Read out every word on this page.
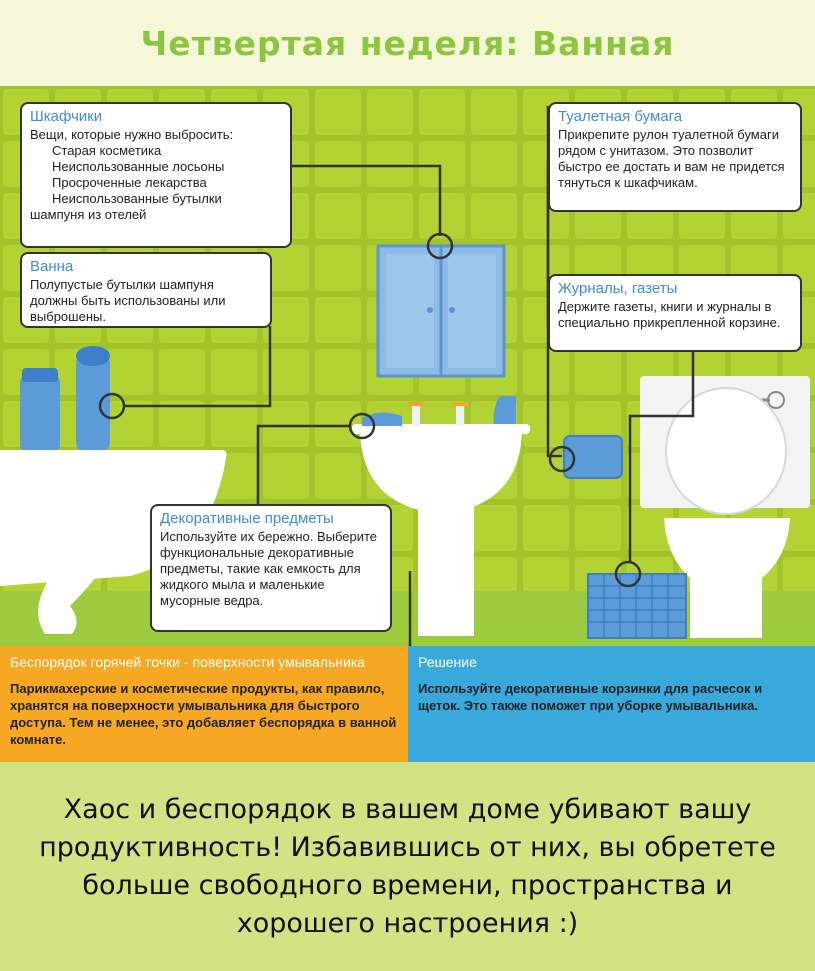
Четвертая неделя: Ванная
Шкафчики

Вещи, которые нужно выбросить:

Старая косметика
Неиспользованные лосьоны
Просроченные лекарства
Неиспользованные бутылки

шампуня из отелей

Ванна

Полупустые бутылки шампуня должны быть использованы или выброшены.

Туалетная бумага

Прикрепите рулон туалетной бумаги рядом с унитазом. Это позволит быстро ее достать и вам не придется тянуться к шкафчикам.

Журналы, газеты

Держите газеты, книги и журналы в специально прикрепленной корзине.

Декоративные предметы

Используйте их бережно. Выберите функциональные декоративные предметы, такие как емкость для жидкого мыла и маленькие мусорные ведра.

Беспорядок горячей точки - поверхности умывальника

Парикмахерские и косметические продукты, как правило, хранятся на поверхности умывальника для быстрого доступа. Тем не менее, это добавляет беспорядка в ванной комнате.

Решение

Используйте декоративные корзинки для расчесок и щеток. Это также поможет при уборке умывальника.

Хаос и беспорядок в вашем доме убивают вашу продуктивность! Избавившись от них, вы обретете больше свободного времени, пространства и хорошего настроения :)
